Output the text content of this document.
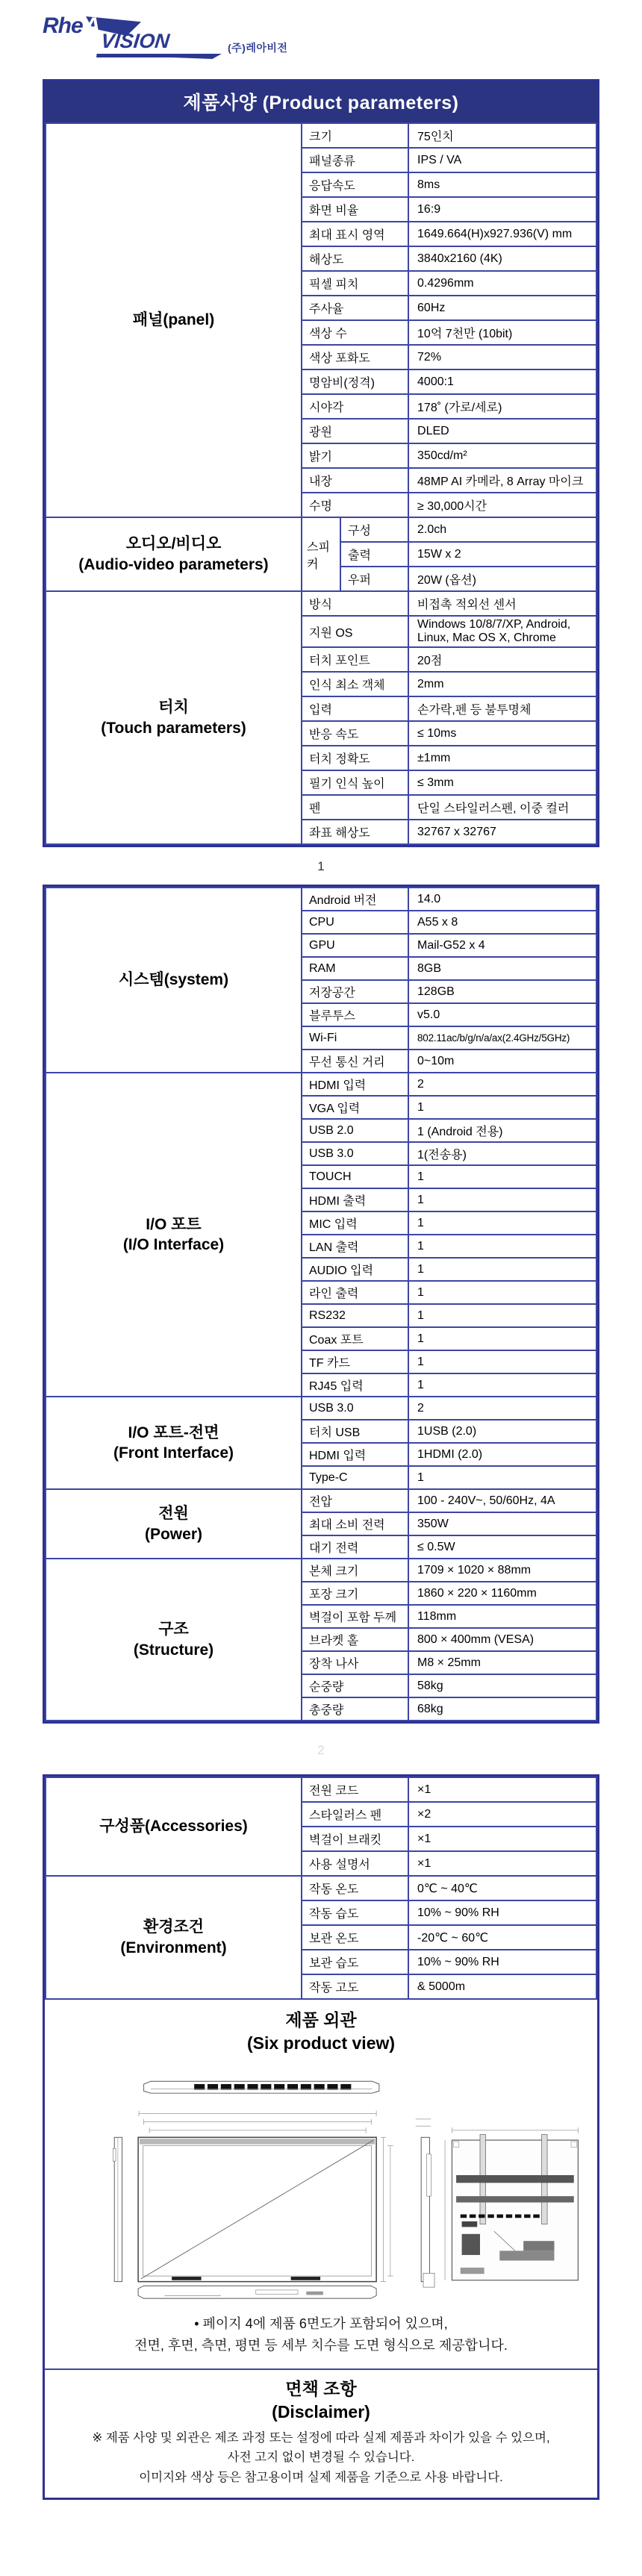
RheA
VISION	(주)레아비전
제품사양 (Product parameters)
패널(panel)	크기		75인치
	패널종류		IPS / VA
	응답속도		8ms
	화면 비율		16:9
	최대 표시 영역		1649.664(H)x927.936(V) mm
	해상도		3840x2160 (4K)
	픽셀 피치		0.4296mm
	주사율		60Hz
	색상 수		10억 7천만 (10bit)
	색상 포화도		72%
	명암비(정격)		4000:1
	시야각		178˚ (가로/세로)
	광원		DLED
	밝기		350cd/m²
	내장		48MP AI 카메라, 8 Array 마이크
	수명		≥ 30,000시간

오디오/비디오
(Audio-video parameters)	스피커	구성	2.0ch
		출력	15W x 2
		우퍼	20W (옵션)

터치
(Touch parameters)	방식		비접촉 적외선 센서
	지원 OS		Windows 10/8/7/XP, Android, Linux, Mac OS X, Chrome
	터치 포인트		20점
	인식 최소 객체		2mm
	입력		손가락,펜 등 불투명체
	반응 속도		≤ 10ms
	터치 정확도		±1mm
	필기 인식 높이		≤ 3mm
	펜		단일 스타일러스펜, 이중 컬러
	좌표 해상도		32767 x 32767
1
시스템(system)	Android 버전	14.0
	CPU	A55 x 8
	GPU	Mail-G52 x 4
	RAM	8GB
	저장공간	128GB
	블루투스	v5.0
	Wi-Fi	802.11ac/b/g/n/a/ax(2.4GHz/5GHz)
	무선 통신 거리	0~10m

I/O 포트
(I/O Interface)	HDMI 입력	2
	VGA 입력	1
	USB 2.0	1 (Android 전용)
	USB 3.0	1(전송용)
	TOUCH	1
	HDMI 출력	1
	MIC 입력	1
	LAN 출력	1
	AUDIO 입력	1
	라인 출력	1
	RS232	1
	Coax 포트	1
	TF 카드	1
	RJ45 입력	1

I/O 포트-전면
(Front Interface)	USB 3.0	2
	터치 USB	1USB (2.0)
	HDMI 입력	1HDMI (2.0)
	Type-C	1

전원
(Power)	전압	100 - 240V~, 50/60Hz, 4A
	최대 소비 전력	350W
	대기 전력	≤ 0.5W

구조
(Structure)	본체 크기	1709 × 1020 × 88mm
	포장 크기	1860 × 220 × 1160mm
	벽걸이 포함 두께	118mm
	브라켓 홀	800 × 400mm (VESA)
	장착 나사	M8 × 25mm
	순중량	58kg
	총중량	68kg
2
구성품(Accessories)	전원 코드	×1
	스타일러스 펜	×2
	벽걸이 브래킷	×1
	사용 설명서	×1

환경조건
(Environment)	작동 온도	0℃ ~ 40℃
	작동 습도	10% ~ 90% RH
	보관 온도	-20℃ ~ 60℃
	보관 습도	10% ~ 90% RH
	작동 고도	& 5000m
제품 외관
(Six product view)
• 페이지 4에 제품 6면도가 포함되어 있으며,
전면, 후면, 측면, 평면 등 세부 치수를 도면 형식으로 제공합니다.
면책 조항
(Disclaimer)
※ 제품 사양 및 외관은 제조 과정 또는 설정에 따라 실제 제품과 차이가 있을 수 있으며,
사전 고지 없이 변경될 수 있습니다.
이미지와 색상 등은 참고용이며 실제 제품을 기준으로 사용 바랍니다.
